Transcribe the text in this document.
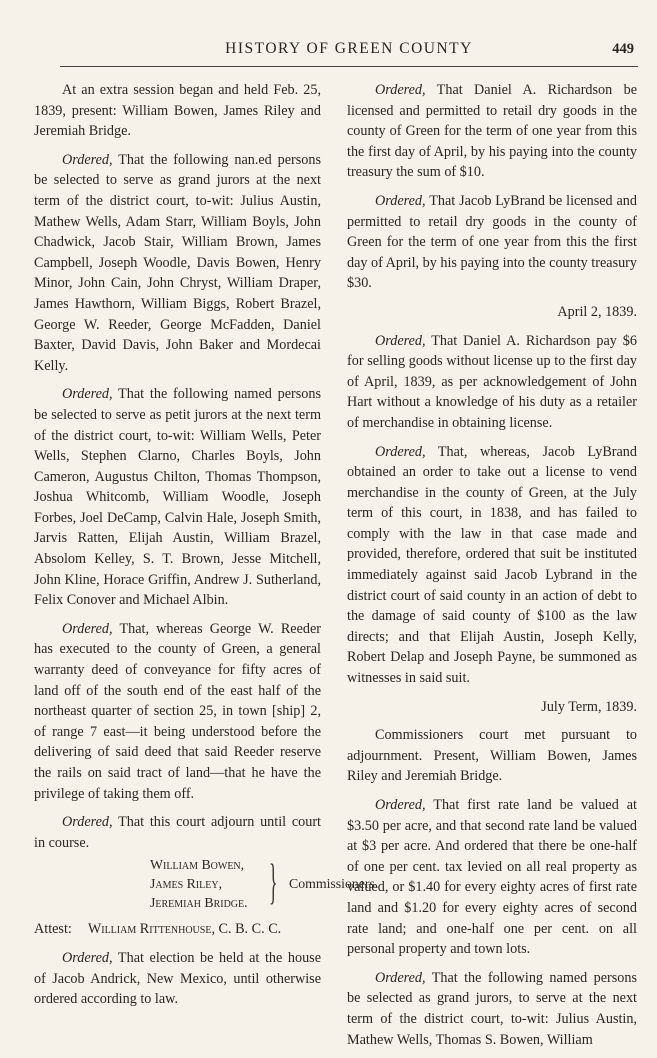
HISTORY OF GREEN COUNTY	449

At an extra session began and held Feb. 25, 1839, present: William Bowen, James Riley and Jeremiah Bridge.

Ordered, That the following nan.ed persons be selected to serve as grand jurors at the next term of the district court, to-wit: Julius Austin, Mathew Wells, Adam Starr, William Boyls, John Chadwick, Jacob Stair, William Brown, James Campbell, Joseph Woodle, Davis Bowen, Henry Minor, John Cain, John Chryst, William Draper, James Hawthorn, William Biggs, Robert Brazel, George W. Reeder, George McFadden, Daniel Baxter, David Davis, John Baker and Mordecai Kelly.

Ordered, That the following named persons be selected to serve as petit jurors at the next term of the district court, to-wit: William Wells, Peter Wells, Stephen Clarno, Charles Boyls, John Cameron, Augustus Chilton, Thomas Thompson, Joshua Whitcomb, William Woodle, Joseph Forbes, Joel DeCamp, Calvin Hale, Joseph Smith, Jarvis Ratten, Elijah Austin, William Brazel, Absolom Kelley, S. T. Brown, Jesse Mitchell, John Kline, Horace Griffin, Andrew J. Sutherland, Felix Conover and Michael Albin.

Ordered, That, whereas George W. Reeder has executed to the county of Green, a general warranty deed of conveyance for fifty acres of land off of the south end of the east half of the northeast quarter of section 25, in town [ship] 2, of range 7 east—it being understood before the delivering of said deed that said Reeder reserve the rails on said tract of land—that he have the privilege of taking them off.

Ordered, That this court adjourn until court in course.

William Bowen,
James Riley,
Jeremiah Bridge. } Commissioners.

Attest: William Rittenhouse, C. B. C. C.

Ordered, That election be held at the house of Jacob Andrick, New Mexico, until otherwise ordered according to law.

Ordered, That Daniel A. Richardson be licensed and permitted to retail dry goods in the county of Green for the term of one year from this the first day of April, by his paying into the county treasury the sum of $10.

Ordered, That Jacob LyBrand be licensed and permitted to retail dry goods in the county of Green for the term of one year from this the first day of April, by his paying into the county treasury $30.

April 2, 1839.

Ordered, That Daniel A. Richardson pay $6 for selling goods without license up to the first day of April, 1839, as per acknowledgement of John Hart without a knowledge of his duty as a retailer of merchandise in obtaining license.

Ordered, That, whereas, Jacob LyBrand obtained an order to take out a license to vend merchandise in the county of Green, at the July term of this court, in 1838, and has failed to comply with the law in that case made and provided, therefore, ordered that suit be instituted immediately against said Jacob Lybrand in the district court of said county in an action of debt to the damage of said county of $100 as the law directs; and that Elijah Austin, Joseph Kelly, Robert Delap and Joseph Payne, be summoned as witnesses in said suit.

July Term, 1839.

Commissioners court met pursuant to adjournment. Present, William Bowen, James Riley and Jeremiah Bridge.

Ordered, That first rate land be valued at $3.50 per acre, and that second rate land be valued at $3 per acre. And ordered that there be one-half of one per cent. tax levied on all real property as valued, or $1.40 for every eighty acres of first rate land and $1.20 for every eighty acres of second rate land; and one-half one per cent. on all personal property and town lots.

Ordered, That the following named persons be selected as grand jurors, to serve at the next term of the district court, to-wit: Julius Austin, Mathew Wells, Thomas S. Bowen, William
